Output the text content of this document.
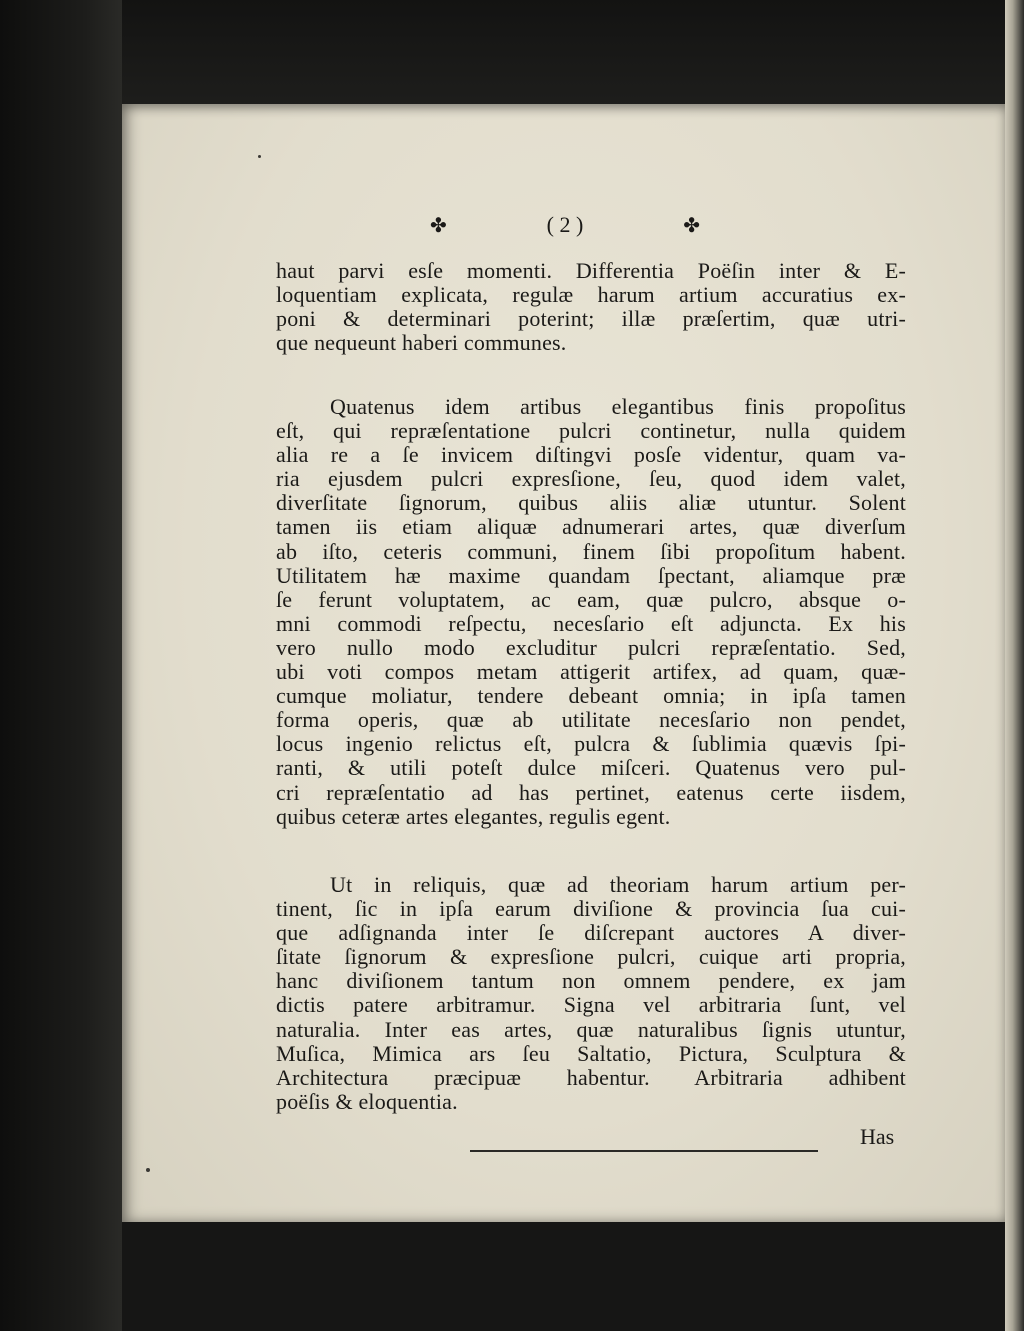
✤	( 2 )	✤

haut parvi esſe momenti. Differentia Poëſin inter & E-

loquentiam explicata, regulæ harum artium accuratius ex-

poni & determinari poterint; illæ præſertim, quæ utri-

que nequeunt haberi communes.

Quatenus idem artibus elegantibus finis propoſitus

eſt, qui repræſentatione pulcri continetur, nulla quidem

alia re a ſe invicem diſtingvi posſe videntur, quam va-

ria ejusdem pulcri expresſione, ſeu, quod idem valet,

diverſitate ſignorum, quibus aliis aliæ utuntur. Solent

tamen iis etiam aliquæ adnumerari artes, quæ diverſum

ab iſto, ceteris communi, finem ſibi propoſitum habent.

Utilitatem hæ maxime quandam ſpectant, aliamque præ

ſe ferunt voluptatem, ac eam, quæ pulcro, absque o-

mni commodi reſpectu, necesſario eſt adjuncta. Ex his

vero nullo modo excluditur pulcri repræſentatio. Sed,

ubi voti compos metam attigerit artifex, ad quam, quæ-

cumque moliatur, tendere debeant omnia; in ipſa tamen

forma operis, quæ ab utilitate necesſario non pendet,

locus ingenio relictus eſt, pulcra & ſublimia quævis ſpi-

ranti, & utili poteſt dulce miſceri. Quatenus vero pul-

cri repræſentatio ad has pertinet, eatenus certe iisdem,

quibus ceteræ artes elegantes, regulis egent.

Ut in reliquis, quæ ad theoriam harum artium per-

tinent, ſic in ipſa earum diviſione & provincia ſua cui-

que adſignanda inter ſe diſcrepant auctores A diver-

ſitate ſignorum & expresſione pulcri, cuique arti propria,

hanc diviſionem tantum non omnem pendere, ex jam

dictis patere arbitramur. Signa vel arbitraria ſunt, vel

naturalia. Inter eas artes, quæ naturalibus ſignis utuntur,

Muſica, Mimica ars ſeu Saltatio, Pictura, Sculptura &

Architectura præcipuæ habentur. Arbitraria adhibent

poëſis & eloquentia.

Has
